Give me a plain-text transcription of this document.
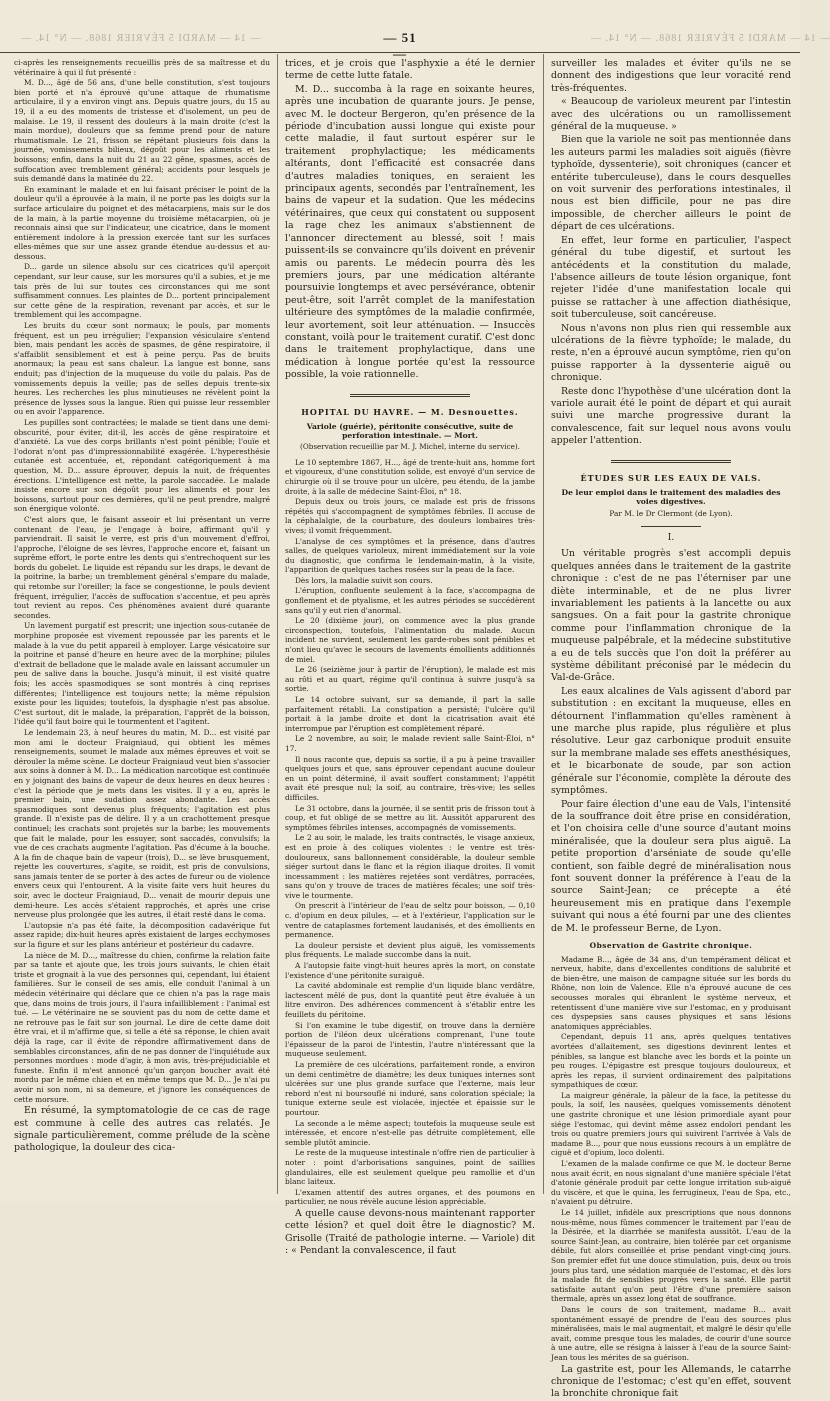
— 14 — MARDI 5 FÉVRIER 1868. — N° 14. —	— 51 —
— 14 — MARDI 5 FÉVRIER 1868. — N° 14. —

ci-après les renseignements recueillis près de sa maîtresse et du vétérinaire à qui il fut présenté :

M. D..., âgé de 56 ans, d'une belle constitution, s'est toujours bien porté et n'a éprouvé qu'une attaque de rhumatisme articulaire, il y a environ vingt ans. Depuis quatre jours, du 15 au 19, il a eu des moments de tristesse et d'isolement, un peu de malaise. Le 19, il ressent des douleurs à la main droite (c'est la main mordue), douleurs que sa femme prend pour de nature rhumatismale. Le 21, frisson se répétant plusieurs fois dans la journée, vomissements bilieux, dégoût pour les aliments et les boissons; enfin, dans la nuit du 21 au 22 gêne, spasmes, accès de suffocation avec tremblement général; accidents pour lesquels je suis demandé dans la matinée du 22.

En examinant le malade et en lui faisant préciser le point de la douleur qu'il a éprouvée à la main, il ne porte pas les doigts sur la surface articulaire du poignet et des métacarpiens, mais sur le dos de la main, à la partie moyenne du troisième métacarpien, où je reconnais ainsi que sur l'indicateur, une cicatrice, dans le moment entièrement indolore à la pression exercée tant sur les surfaces elles-mêmes que sur une assez grande étendue au-dessus et au-dessous.

D... garde un silence absolu sur ces cicatrices qu'il aperçoit cependant, sur leur cause, sur les morsures qu'il a subies, et je me tais près de lui sur toutes ces circonstances qui me sont suffisamment connues. Les plaintes de D... portent principalement sur cette gêne de la respiration, revenant par accès, et sur le tremblement qui les accompagne.

Les bruits du cœur sont normaux; le pouls, par moments fréquent, est un peu irrégulier; l'expansion vésiculaire s'entend bien, mais pendant les accès de spasmes, de gêne respiratoire, il s'affaiblit sensiblement et est à peine perçu. Pas de bruits anormaux; la peau est sans chaleur. La langue est bonne, sans enduit; pas d'injection de la muqueuse du voile du palais. Pas de vomissements depuis la veille; pas de selles depuis trente-six heures. Les recherches les plus minutieuses ne révèlent point la présence de lysses sous la langue. Rien qui puisse leur ressembler ou en avoir l'apparence.

Les pupilles sont contractées; le malade se tient dans une demi-obscurité, pour éviter, dit-il, les accès de gêne respiratoire et d'anxiété. La vue des corps brillants n'est point pénible; l'ouïe et l'odorat n'ont pas d'impressionnabilité exagérée. L'hyperesthésie cutanée est accentuée, et, répondant catégoriquement à ma question, M. D... assure éprouver, depuis la nuit, de fréquentes érections. L'intelligence est nette, la parole saccadée. Le malade insiste encore sur son dégoût pour les aliments et pour les boissons, surtout pour ces dernières, qu'il ne peut prendre, malgré son énergique volonté.

C'est alors que, le faisant asseoir et lui présentant un verre contenant de l'eau, je l'engage à boire, affirmant qu'il y parviendrait. Il saisit le verre, est pris d'un mouvement d'effroi, l'approche, l'éloigne de ses lèvres, l'approche encore et, faisant un suprême effort, le porte entre les dents qui s'entrechoquent sur les bords du gobelet. Le liquide est répandu sur les draps, le devant de la poitrine, la barbe; un tremblement général s'empare du malade, qui retombe sur l'oreiller; la face se congestionne, le pouls devient fréquent, irrégulier, l'accès de suffocation s'accentue, et peu après tout revient au repos. Ces phénomènes avaient duré quarante secondes.

Un lavement purgatif est prescrit; une injection sous-cutanée de morphine proposée est vivement repoussée par les parents et le malade à la vue du petit appareil à employer. Large vésicatoire sur la poitrine et pansé d'heure en heure avec de la morphine; pilules d'extrait de belladone que le malade avale en laissant accumuler un peu de salive dans la bouche. Jusqu'à minuit, il est visité quatre fois; les accès spasmodiques se sont montrés à cinq reprises différentes; l'intelligence est toujours nette; la même répulsion existe pour les liquides; toutefois, la dysphagie n'est pas absolue. C'est surtout, dit le malade, la préparation, l'apprêt de la boisson, l'idée qu'il faut boire qui le tourmentent et l'agitent.

Le lendemain 23, à neuf heures du matin, M. D... est visité par mon ami le docteur Fraigniaud, qui obtient les mêmes renseignements, soumet le malade aux mêmes épreuves et voit se dérouler la même scène. Le docteur Fraigniaud veut bien s'associer aux soins à donner à M. D... La médication narcotique est continuée en y joignant des bains de vapeur de deux heures en deux heures : c'est la période que je mets dans les visites. Il y a eu, après le premier bain, une sudation assez abondante. Les accès spasmodiques sont devenus plus fréquents; l'agitation est plus grande. Il n'existe pas de délire. Il y a un crachottement presque continuel; les crachats sont projetés sur la barbe; les mouvements que fait le malade, pour les essuyer, sont saccadés, convulsifs; la vue de ces crachats augmente l'agitation. Pas d'écume à la bouche. A la fin de chaque bain de vapeur (trois), D... se lève brusquement, rejette les couvertures, s'agite, se roidit, est pris de convulsions, sans jamais tenter de se porter à des actes de fureur ou de violence envers ceux qui l'entourent. A la visite faite vers huit heures du soir, avec le docteur Fraigniaud, D... venait de mourir depuis une demi-heure. Les accès s'étaient rapprochés, et après une crise nerveuse plus prolongée que les autres, il était resté dans le coma.

L'autopsie n'a pas été faite, la décomposition cadavérique fut assez rapide; dix-huit heures après existaient de larges ecchymoses sur la figure et sur les plans antérieur et postérieur du cadavre.

La nièce de M. D..., maîtresse du chien, confirme la relation faite par sa tante et ajoute que, les trois jours suivants, le chien était triste et grognait à la vue des personnes qui, cependant, lui étaient familières. Sur le conseil de ses amis, elle conduit l'animal à un médecin vétérinaire qui déclare que ce chien n'a pas la rage mais que, dans moins de trois jours, il l'aura infailliblement : l'animal est tué. — Le vétérinaire ne se souvient pas du nom de cette dame et ne retrouve pas le fait sur son journal. Le dire de cette dame doit être vrai, et il m'affirme que, si telle a été sa réponse, le chien avait déjà la rage, car il évite de répondre affirmativement dans de semblables circonstances, afin de ne pas donner de l'inquiétude aux personnes mordues : mode d'agir, à mon avis, très-préjudiciable et funeste. Enfin il m'est annoncé qu'un garçon boucher avait été mordu par le même chien et en même temps que M. D... Je n'ai pu avoir ni son nom, ni sa demeure, et j'ignore les conséquences de cette morsure.

En résumé, la symptomatologie de ce cas de rage est commune à celle des autres cas relatés. Je signale particulièrement, comme prélude de la scène pathologique, la douleur des cica-

trices, et je crois que l'asphyxie a été le dernier terme de cette lutte fatale.

M. D... succomba à la rage en soixante heures, après une incubation de quarante jours. Je pense, avec M. le docteur Bergeron, qu'en présence de la période d'incubation aussi longue qui existe pour cette maladie, il faut surtout espérer sur le traitement prophylactique; les médicaments altérants, dont l'efficacité est consacrée dans d'autres maladies toniques, en seraient les principaux agents, secondés par l'entraînement, les bains de vapeur et la sudation. Que les médecins vétérinaires, que ceux qui constatent ou supposent la rage chez les animaux s'abstiennent de l'annoncer directement au blessé, soit ! mais puissent-ils se convaincre qu'ils doivent en prévenir amis ou parents. Le médecin pourra dès les premiers jours, par une médication altérante poursuivie longtemps et avec persévérance, obtenir peut-être, soit l'arrêt complet de la manifestation ultérieure des symptômes de la maladie confirmée, leur avortement, soit leur atténuation. — Insuccès constant, voilà pour le traitement curatif. C'est donc dans le traitement prophylactique, dans une médication à longue portée qu'est la ressource possible, la voie rationnelle.

HOPITAL DU HAVRE. — M. Desnouettes.
Variole (guérie), péritonite consécutive, suite de perforation intestinale. — Mort.
(Observation recueillie par M. J. Michel, interne du service).

Le 10 septembre 1867, H..., âgé de trente-huit ans, homme fort et vigoureux, d'une constitution solide, est envoyé d'un service de chirurgie où il se trouve pour un ulcère, peu étendu, de la jambe droite, à la salle de médecine Saint-Éloi, n° 18.

Depuis deux ou trois jours, ce malade est pris de frissons répétés qui s'accompagnent de symptômes fébriles. Il accuse de la céphalalgie, de la courbature, des douleurs lombaires très-vives; il vomit fréquemment.

L'analyse de ces symptômes et la présence, dans d'autres salles, de quelques varioleux, mirent immédiatement sur la voie du diagnostic, que confirma le lendemain-matin, à la visite, l'apparition de quelques taches rosées sur la peau de la face.

Dès lors, la maladie suivit son cours.

L'éruption, confluente seulement à la face, s'accompagna de gonflement et de ptyalisme, et les autres périodes se succédèrent sans qu'il y eut rien d'anormal.

Le 20 (dixième jour), on commence avec la plus grande circonspection, toutefois, l'alimentation du malade. Aucun incident ne survient, seulement les garde-robes sont pénibles et n'ont lieu qu'avec le secours de lavements émollients additionnés de miel.

Le 26 (seizième jour à partir de l'éruption), le malade est mis au rôti et au quart, régime qu'il continua à suivre jusqu'à sa sortie.

Le 14 octobre suivant, sur sa demande, il part la salle parfaitement rétabli. La constipation a persisté; l'ulcère qu'il portait à la jambe droite et dont la cicatrisation avait été interrompue par l'éruption est complètement réparé.

Le 2 novembre, au soir, le malade revient salle Saint-Éloi, n° 17.

Il nous raconte que, depuis sa sortie, il a pu à peine travailler quelques jours et que, sans éprouver cependant aucune douleur en un point déterminé, il avait souffert constamment; l'appétit avait été presque nul; la soif, au contraire, très-vive; les selles difficiles.

Le 31 octobre, dans la journée, il se sentit pris de frisson tout à coup, et fut obligé de se mettre au lit. Aussitôt apparurent des symptômes fébriles intenses, accompagnés de vomissements.

Le 2 au soir, le malade, les traits contractés, le visage anxieux, est en proie à des coliques violentes : le ventre est très-douloureux, sans ballonnement considérable, la douleur semble siéger surtout dans le flanc et la région iliaque droites. Il vomit incessamment : les matières rejetées sont verdâtres, porracées, sans qu'on y trouve de traces de matières fécales; une soif très-vive le tourmente.

On prescrit à l'intérieur de l'eau de seltz pour boisson, — 0,10 c. d'opium en deux pilules, — et à l'extérieur, l'application sur le ventre de cataplasmes fortement laudanisés, et des émollients en permanence.

La douleur persiste et devient plus aiguë, les vomissements plus fréquents. Le malade succombe dans la nuit.

A l'autopsie faite vingt-huit heures après la mort, on constate l'existence d'une péritonite suraiguë.

La cavité abdominale est remplie d'un liquide blanc verdâtre, lactescent mêlé de pus, dont la quantité peut être évaluée à un litre environ. Des adhérences commencent à s'établir entre les feuillets du péritoine.

Si l'on examine le tube digestif, on trouve dans la dernière portion de l'iléon deux ulcérations comprenant, l'une toute l'épaisseur de la paroi de l'intestin, l'autre n'intéressant que la muqueuse seulement.

La première de ces ulcérations, parfaitement ronde, a environ un demi centimètre de diamètre; les deux tuniques internes sont ulcérées sur une plus grande surface que l'externe, mais leur rebord n'est ni boursouflé ni induré, sans coloration spéciale; la tunique externe seule est violacée, injectée et épaissie sur le pourtour.

La seconde a le même aspect; toutefois la muqueuse seule est intéressée, et encore n'est-elle pas détruite complètement, elle semble plutôt amincie.

Le reste de la muqueuse intestinale n'offre rien de particulier à noter : point d'arborisations sanguines, point de saillies glandulaires, elle est seulement quelque peu ramollie et d'un blanc laiteux.

L'examen attentif des autres organes, et des poumons en particulier, ne nous révèle aucune lésion appréciable.

A quelle cause devons-nous maintenant rapporter cette lésion? et quel doit être le diagnostic? M. Grisolle (Traité de pathologie interne. — Variole) dit : « Pendant la convalescence, il faut

surveiller les malades et éviter qu'ils ne se donnent des indigestions que leur voracité rend très-fréquentes.

« Beaucoup de varioleux meurent par l'intestin avec des ulcérations ou un ramollissement général de la muqueuse. »

Bien que la variole ne soit pas mentionnée dans les auteurs parmi les maladies soit aiguës (fièvre typhoïde, dyssenterie), soit chroniques (cancer et entérite tuberculeuse), dans le cours desquelles on voit survenir des perforations intestinales, il nous est bien difficile, pour ne pas dire impossible, de chercher ailleurs le point de départ de ces ulcérations.

En effet, leur forme en particulier, l'aspect général du tube digestif, et surtout les antécédents et la constitution du malade, l'absence ailleurs de toute lésion organique, font rejeter l'idée d'une manifestation locale qui puisse se rattacher à une affection diathésique, soit tuberculeuse, soit cancéreuse.

Nous n'avons non plus rien qui ressemble aux ulcérations de la fièvre typhoïde; le malade, du reste, n'en a éprouvé aucun symptôme, rien qu'on puisse rapporter à la dyssenterie aiguë ou chronique.

Reste donc l'hypothèse d'une ulcération dont la variole aurait été le point de départ et qui aurait suivi une marche progressive durant la convalescence, fait sur lequel nous avons voulu appeler l'attention.

ÉTUDES SUR LES EAUX DE VALS.
De leur emploi dans le traitement des maladies des voies digestives.
Par M. le Dr Clermont (de Lyon).
I.

Un véritable progrès s'est accompli depuis quelques années dans le traitement de la gastrite chronique : c'est de ne pas l'éterniser par une diète interminable, et de ne plus livrer invariablement les patients à la lancette ou aux sangsues. On a fait pour la gastrite chronique comme pour l'inflammation chronique de la muqueuse palpébrale, et la médecine substitutive a eu de tels succès que l'on doit la préférer au système débilitant préconisé par le médecin du Val-de-Grâce.

Les eaux alcalines de Vals agissent d'abord par substitution : en excitant la muqueuse, elles en détournent l'inflammation qu'elles ramènent à une marche plus rapide, plus régulière et plus résolutive. Leur gaz carbonique produit ensuite sur la membrane malade ses effets anesthésiques, et le bicarbonate de soude, par son action générale sur l'économie, complète la déroute des symptômes.

Pour faire élection d'une eau de Vals, l'intensité de la souffrance doit être prise en considération, et l'on choisira celle d'une source d'autant moins minéralisée, que la douleur sera plus aiguë. La petite proportion d'arséniate de soude qu'elle contient, son faible degré de minéralisation nous font souvent donner la préférence à l'eau de la source Saint-Jean; ce précepte a été heureusement mis en pratique dans l'exemple suivant qui nous a été fourni par une des clientes de M. le professeur Berne, de Lyon.

Observation de Gastrite chronique.

Madame B..., âgée de 34 ans, d'un tempérament délicat et nerveux, habite, dans d'excellentes conditions de salubrité et de bien-être, une maison de campagne située sur les bords du Rhône, non loin de Valence. Elle n'a éprouvé aucune de ces secousses morales qui ébranlent le système nerveux, et retentissent d'une manière vive sur l'estomac, en y produisant ces dyspepsies sans causes physiques et sans lésions anatomiques appréciables.

Cependant, depuis 11 ans, après quelques tentatives avortées d'allaitement, ses digestions devinrent lentes et pénibles, sa langue est blanche avec les bords et la pointe un peu rouges. L'épigastre est presque toujours douloureux, et après les repas, il survient ordinairement des palpitations sympathiques de cœur.

La maigreur générale, la pâleur de la face, la petitesse du pouls, la soif, les nausées, quelques vomissements dénotent une gastrite chronique et une lésion primordiale ayant pour siége l'estomac, qui devint même assez endolori pendant les trois ou quatre premiers jours qui suivirent l'arrivée à Vals de madame B..., pour que nous eussions recours à un emplâtre de ciguë et d'opium, loco dolenti.

L'examen de la malade confirme ce que M. le docteur Berne nous avait écrit, en nous signalant d'une manière spéciale l'état d'atonie générale produit par cette longue irritation sub-aiguë du viscère, et que le quina, les ferrugineux, l'eau de Spa, etc., n'avaient pu détruire.

Le 14 juillet, infidèle aux prescriptions que nous donnons nous-même, nous fûmes commencer le traitement par l'eau de la Désirée, et la diarrhée se manifesta aussitôt. L'eau de la source Saint-Jean, au contraire, bien tolérée par cet organisme débile, fut alors conseillée et prise pendant vingt-cinq jours. Son premier effet fut une douce stimulation, puis, deux ou trois jours plus tard, une sédation marquée de l'estomac, et dès lors la malade fit de sensibles progrès vers la santé. Elle partit satisfaite autant qu'on peut l'être d'une première saison thermale, après un assez long état de souffrance.

Dans le cours de son traitement, madame B... avait spontanément essayé de prendre de l'eau des sources plus minéralisées, mais le mal augmentait, et malgré le désir qu'elle avait, comme presque tous les malades, de courir d'une source à une autre, elle se résigna à laisser à l'eau de la source Saint-Jean tous les mérites de sa guérison.

La gastrite est, pour les Allemands, le catarrhe chronique de l'estomac; c'est qu'en effet, souvent la bronchite chronique fait
